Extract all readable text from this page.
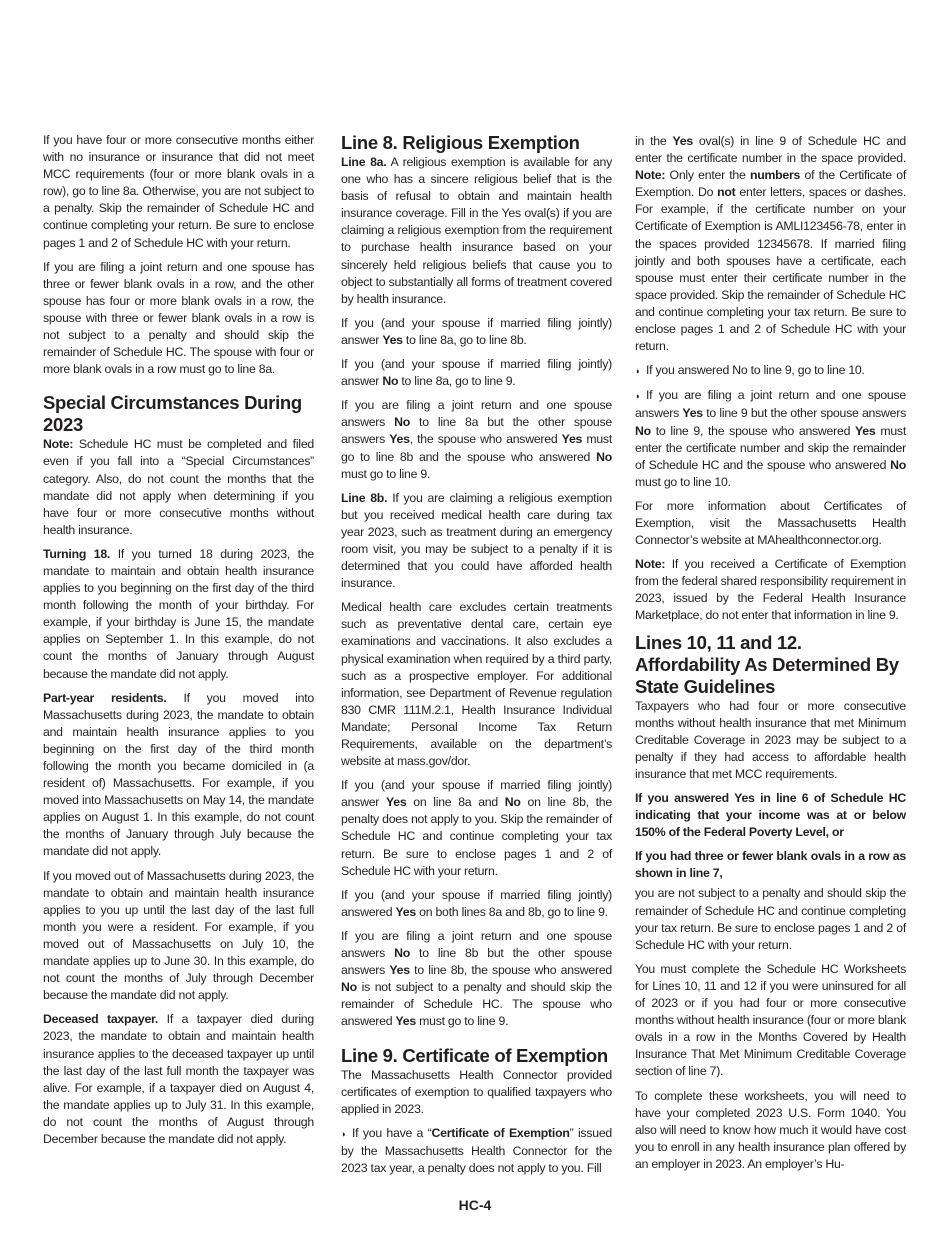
If you have four or more consecutive months either with no insurance or insurance that did not meet MCC requirements (four or more blank ovals in a row), go to line 8a. Otherwise, you are not subject to a penalty. Skip the remainder of Schedule HC and continue completing your return. Be sure to enclose pages 1 and 2 of Schedule HC with your return.

If you are filing a joint return and one spouse has three or fewer blank ovals in a row, and the other spouse has four or more blank ovals in a row, the spouse with three or fewer blank ovals in a row is not subject to a penalty and should skip the remainder of Schedule HC. The spouse with four or more blank ovals in a row must go to line 8a.

Special Circumstances During 2023

Note: Schedule HC must be completed and filed even if you fall into a “Special Circumstances” category. Also, do not count the months that the mandate did not apply when determining if you have four or more consecutive months without health insurance.

Turning 18. If you turned 18 during 2023, the mandate to maintain and obtain health insurance applies to you beginning on the first day of the third month following the month of your birthday. For example, if your birthday is June 15, the mandate applies on September 1. In this example, do not count the months of January through August because the mandate did not apply.

Part-year residents. If you moved into Massachusetts during 2023, the mandate to obtain and maintain health insurance applies to you beginning on the first day of the third month following the month you became domiciled in (a resident of) Massachusetts. For example, if you moved into Massachusetts on May 14, the mandate applies on August 1. In this example, do not count the months of January through July because the mandate did not apply.

If you moved out of Massachusetts during 2023, the mandate to obtain and maintain health insurance applies to you up until the last day of the last full month you were a resident. For example, if you moved out of Massachusetts on July 10, the mandate applies up to June 30. In this example, do not count the months of July through December because the mandate did not apply.

Deceased taxpayer. If a taxpayer died during 2023, the mandate to obtain and maintain health insurance applies to the deceased taxpayer up until the last day of the last full month the taxpayer was alive. For example, if a taxpayer died on August 4, the mandate applies up to July 31. In this example, do not count the months of August through December because the mandate did not apply.

Line 8. Religious Exemption

Line 8a. A religious exemption is available for any one who has a sincere religious belief that is the basis of refusal to obtain and maintain health insurance coverage. Fill in the Yes oval(s) if you are claiming a religious exemption from the requirement to purchase health insurance based on your sincerely held religious beliefs that cause you to object to substantially all forms of treatment covered by health insurance.

If you (and your spouse if married filing jointly) answer Yes to line 8a, go to line 8b.

If you (and your spouse if married filing jointly) answer No to line 8a, go to line 9.

If you are filing a joint return and one spouse answers No to line 8a but the other spouse answers Yes, the spouse who answered Yes must go to line 8b and the spouse who answered No must go to line 9.

Line 8b. If you are claiming a religious exemption but you received medical health care during tax year 2023, such as treatment during an emergency room visit, you may be subject to a penalty if it is determined that you could have afforded health insurance.

Medical health care excludes certain treatments such as preventative dental care, certain eye examinations and vaccinations. It also excludes a physical examination when required by a third party, such as a prospective employer. For additional information, see Department of Revenue regulation 830 CMR 111M.2.1, Health Insurance Individual Mandate; Personal Income Tax Return Requirements, available on the department’s website at mass.gov/dor.

If you (and your spouse if married filing jointly) answer Yes on line 8a and No on line 8b, the penalty does not apply to you. Skip the remainder of Schedule HC and continue completing your tax return. Be sure to enclose pages 1 and 2 of Schedule HC with your return.

If you (and your spouse if married filing jointly) answered Yes on both lines 8a and 8b, go to line 9.

If you are filing a joint return and one spouse answers No to line 8b but the other spouse answers Yes to line 8b, the spouse who answered No is not subject to a penalty and should skip the remainder of Schedule HC. The spouse who answered Yes must go to line 9.

Line 9. Certificate of Exemption

The Massachusetts Health Connector provided certificates of exemption to qualified taxpayers who applied in 2023.

◗ If you have a “Certificate of Exemption” issued by the Massachusetts Health Connector for the 2023 tax year, a penalty does not apply to you. Fill

in the Yes oval(s) in line 9 of Schedule HC and enter the certificate number in the space provided. Note: Only enter the numbers of the Certificate of Exemption. Do not enter letters, spaces or dashes. For example, if the certificate number on your Certificate of Exemption is AMLI123456-78, enter in the spaces provided 12345678. If married filing jointly and both spouses have a certificate, each spouse must enter their certificate number in the space provided. Skip the remainder of Schedule HC and continue completing your tax return. Be sure to enclose pages 1 and 2 of Schedule HC with your return.

◗ If you answered No to line 9, go to line 10.

◗ If you are filing a joint return and one spouse answers Yes to line 9 but the other spouse answers No to line 9, the spouse who answered Yes must enter the certificate number and skip the remainder of Schedule HC and the spouse who answered No must go to line 10.

For more information about Certificates of Exemption, visit the Massachusetts Health Connector’s website at MAhealthconnector.org.

Note: If you received a Certificate of Exemption from the federal shared responsibility requirement in 2023, issued by the Federal Health Insurance Marketplace, do not enter that information in line 9.

Lines 10, 11 and 12. Affordability As Determined By State Guidelines

Taxpayers who had four or more consecutive months without health insurance that met Minimum Creditable Coverage in 2023 may be subject to a penalty if they had access to affordable health insurance that met MCC requirements.

If you answered Yes in line 6 of Schedule HC indicating that your income was at or below 150% of the Federal Poverty Level, or

If you had three or fewer blank ovals in a row as shown in line 7,

you are not subject to a penalty and should skip the remainder of Schedule HC and continue completing your tax return. Be sure to enclose pages 1 and 2 of Schedule HC with your return.

You must complete the Schedule HC Worksheets for Lines 10, 11 and 12 if you were uninsured for all of 2023 or if you had four or more consecutive months without health insurance (four or more blank ovals in a row in the Months Covered by Health Insurance That Met Minimum Creditable Coverage section of line 7).

To complete these worksheets, you will need to have your completed 2023 U.S. Form 1040. You also will need to know how much it would have cost you to enroll in any health insurance plan offered by an employer in 2023. An employer’s Hu-

HC-4
